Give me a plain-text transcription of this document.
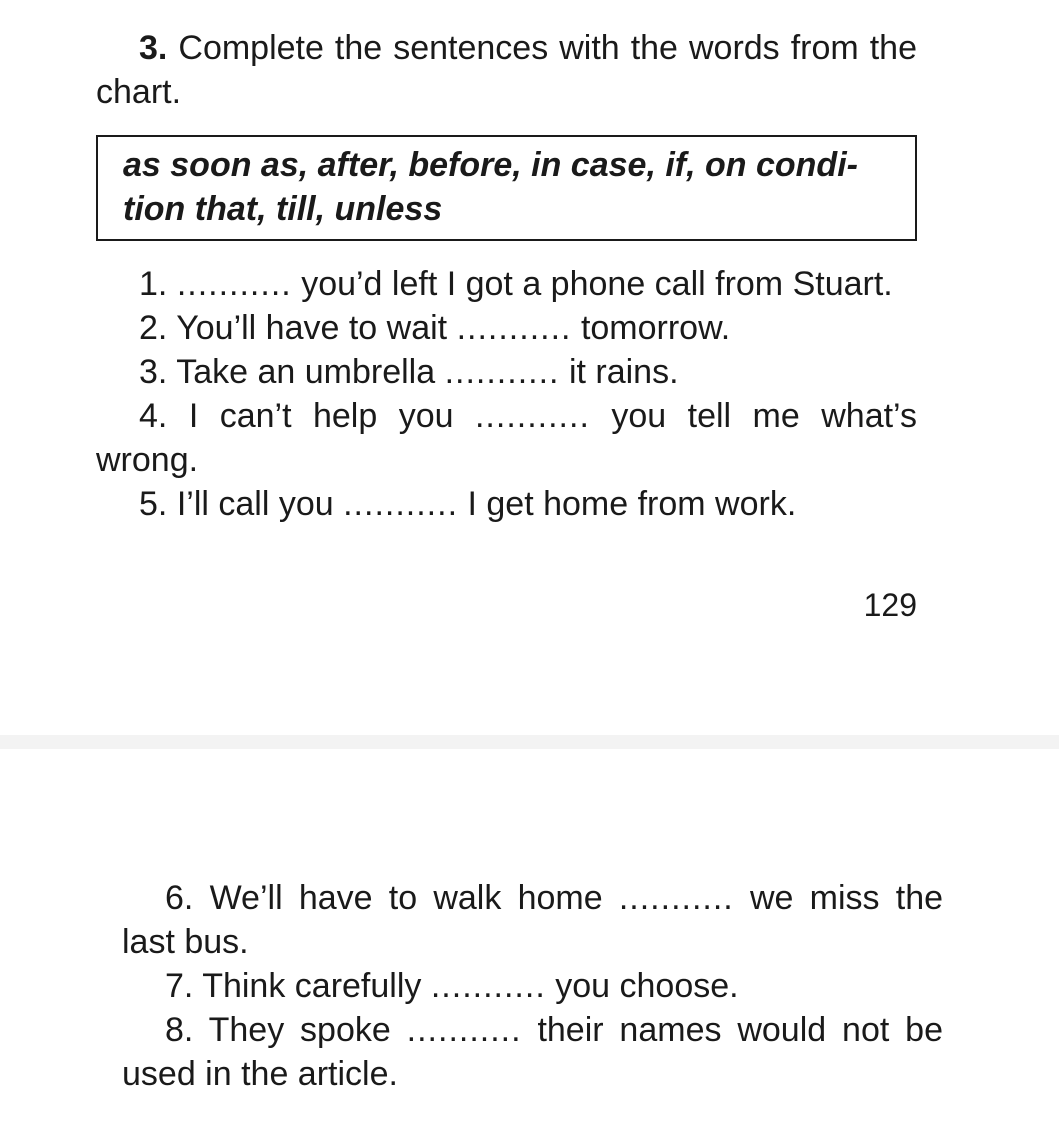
3. Complete the sentences with the words from the chart.

as soon as, after, before, in case, if, on condi-tion that, till, unless

1. ........... you’d left I got a phone call from Stuart.

2. You’ll have to wait ........... tomorrow.

3. Take an umbrella ........... it rains.

4. I can’t help you ........... you tell me what’s wrong.

5. I’ll call you ........... I get home from work.

129

6. We’ll have to walk home ........... we miss the last bus.

7. Think carefully ........... you choose.

8. They spoke ........... their names would not be used in the article.
